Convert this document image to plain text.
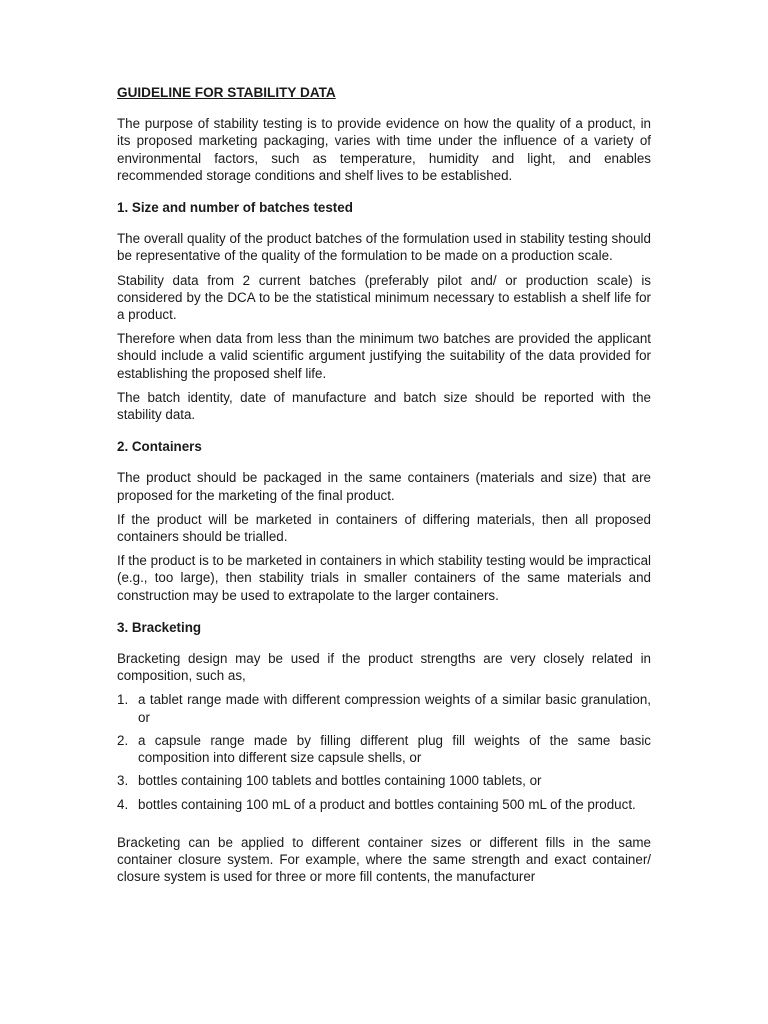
GUIDELINE FOR STABILITY DATA

The purpose of stability testing is to provide evidence on how the quality of a product, in its proposed marketing packaging, varies with time under the influence of a variety of environmental factors, such as temperature, humidity and light, and enables recommended storage conditions and shelf lives to be established.

1. Size and number of batches tested

The overall quality of the product batches of the formulation used in stability testing should be representative of the quality of the formulation to be made on a production scale.

Stability data from 2 current batches (preferably pilot and/ or production scale) is considered by the DCA to be the statistical minimum necessary to establish a shelf life for a product.

Therefore when data from less than the minimum two batches are provided the applicant should include a valid scientific argument justifying the suitability of the data provided for establishing the proposed shelf life.

The batch identity, date of manufacture and batch size should be reported with the stability data.

2. Containers

The product should be packaged in the same containers (materials and size) that are proposed for the marketing of the final product.

If the product will be marketed in containers of differing materials, then all proposed containers should be trialled.

If the product is to be marketed in containers in which stability testing would be impractical (e.g., too large), then stability trials in smaller containers of the same materials and construction may be used to extrapolate to the larger containers.

3. Bracketing

Bracketing design may be used if the product strengths are very closely related in composition, such as,

1. a tablet range made with different compression weights of a similar basic granulation, or
2. a capsule range made by filling different plug fill weights of the same basic composition into different size capsule shells, or
3. bottles containing 100 tablets and bottles containing 1000 tablets, or
4. bottles containing 100 mL of a product and bottles containing 500 mL of the product.

Bracketing can be applied to different container sizes or different fills in the same container closure system. For example, where the same strength and exact container/ closure system is used for three or more fill contents, the manufacturer
